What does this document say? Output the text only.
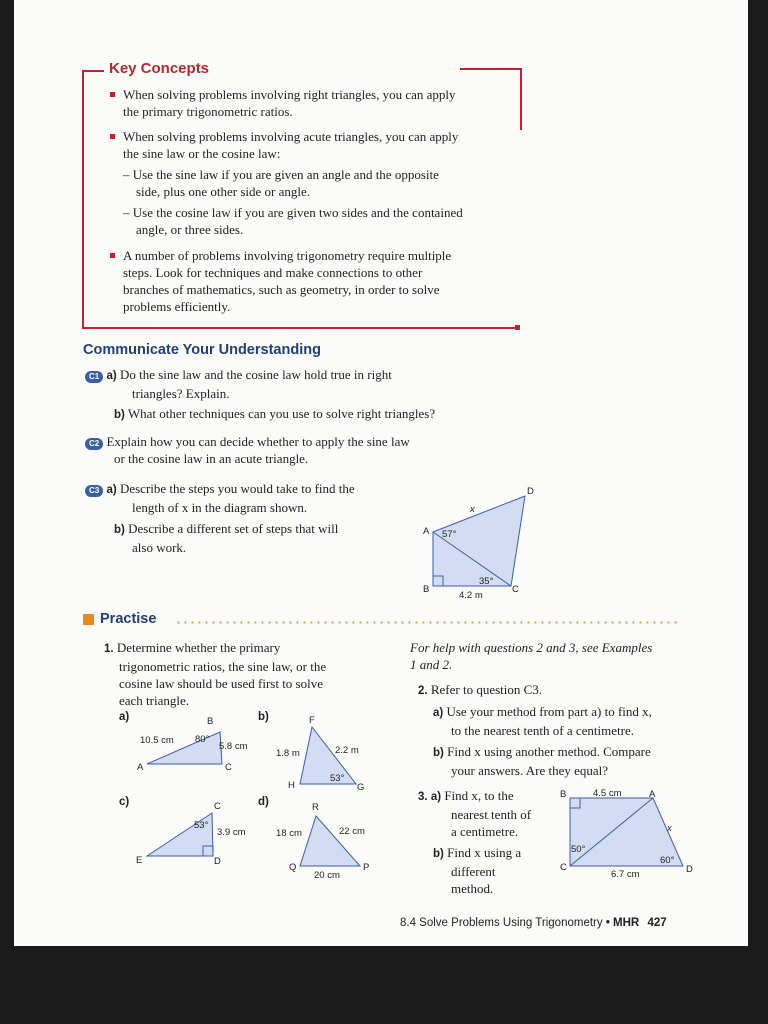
Key Concepts
When solving problems involving right triangles, you can apply
the primary trigonometric ratios.
When solving problems involving acute triangles, you can apply
the sine law or the cosine law:
– Use the sine law if you are given an angle and the opposite
side, plus one other side or angle.
– Use the cosine law if you are given two sides and the contained
angle, or three sides.
A number of problems involving trigonometry require multiple
steps. Look for techniques and make connections to other
branches of mathematics, such as geometry, in order to solve
problems efficiently.
Communicate Your Understanding
C1 a) Do the sine law and the cosine law hold true in right
triangles? Explain.
b) What other techniques can you use to solve right triangles?
C2 Explain how you can decide whether to apply the sine law
or the cosine law in an acute triangle.
C3 a) Describe the steps you would take to find the
length of x in the diagram shown.
b) Describe a different set of steps that will
also work.
A
B	C
D
x
57°
35°
4.2 m
Practise
1. Determine whether the primary
trigonometric ratios, the sine law, or the
cosine law should be used first to solve
each triangle.
a)
A
B
C
10.5 cm
5.8 cm
80°
b)	F
G
H
1.8 m	2.2 m
53°
c)	C
D
E
3.9 cm
53°
d)	R
P
Q
18 cm	22 cm
20 cm
For help with questions 2 and 3, see Examples
1 and 2.
2. Refer to question C3.
a) Use your method from part a) to find x,
to the nearest tenth of a centimetre.
b) Find x using another method. Compare
your answers. Are they equal?
3. a) Find x, to the
nearest tenth of
a centimetre.
b) Find x using a
different
method.
B	A
C	D
x
4.5 cm
6.7 cm
50°
60°
8.4 Solve Problems Using Trigonometry • MHR 427
